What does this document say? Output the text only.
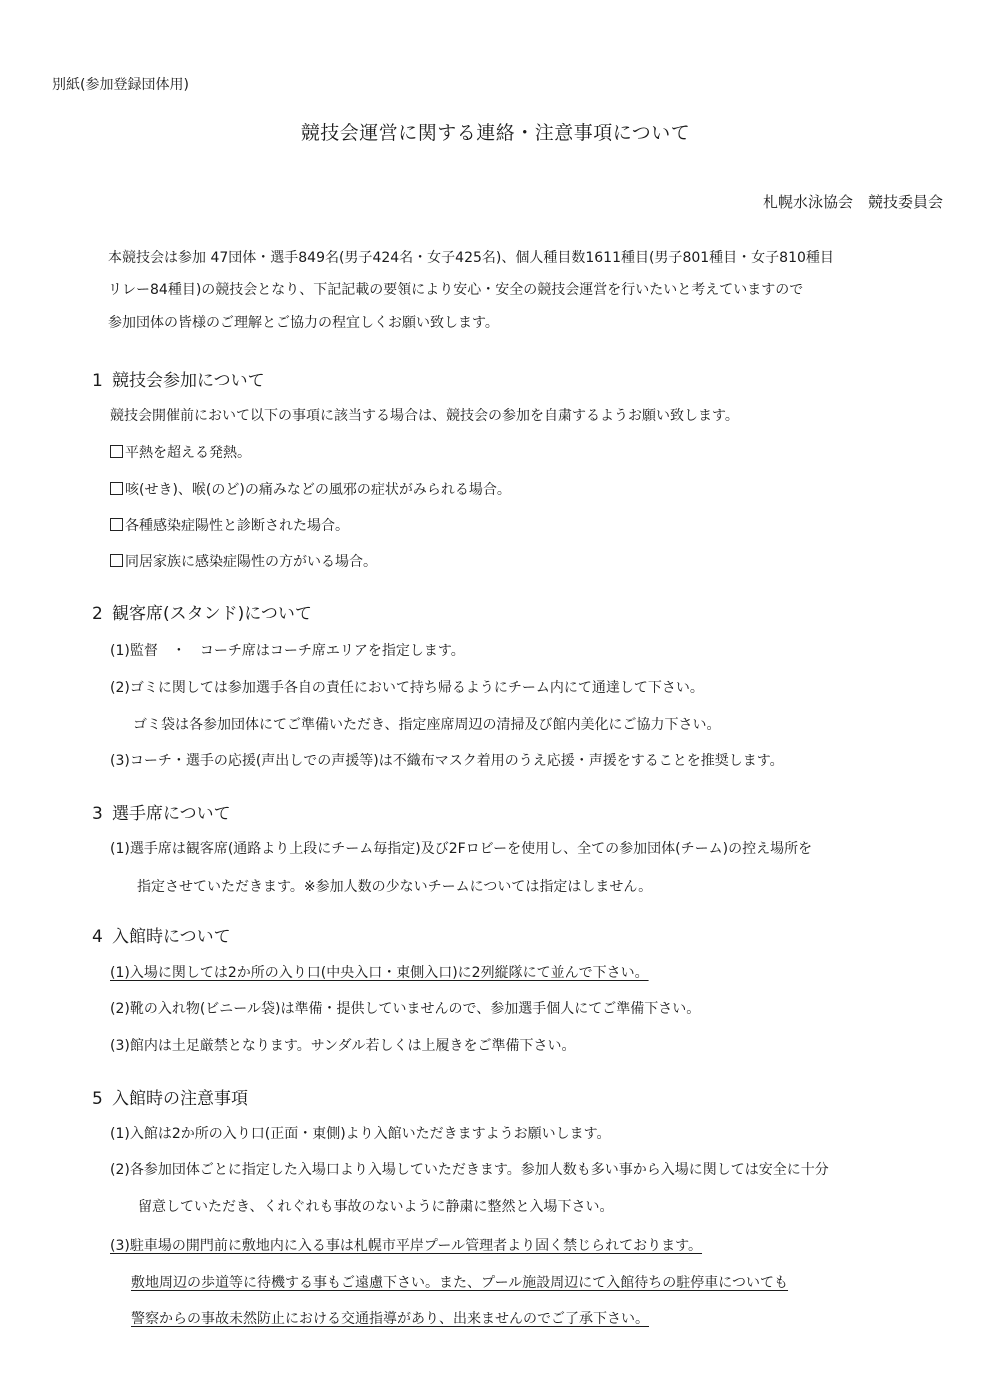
別紙(参加登録団体用)
競技会運営に関する連絡・注意事項について
札幌水泳協会　競技委員会
本競技会は参加 47団体・選手849名(男子424名・女子425名)、個人種目数1611種目(男子801種目・女子810種目
リレー84種目)の競技会となり、下記記載の要領により安心・安全の競技会運営を行いたいと考えていますので
参加団体の皆様のご理解とご協力の程宜しくお願い致します。
1 競技会参加について
競技会開催前において以下の事項に該当する場合は、競技会の参加を自粛するようお願い致します。
平熱を超える発熱。
咳(せき)、喉(のど)の痛みなどの風邪の症状がみられる場合。
各種感染症陽性と診断された場合。
同居家族に感染症陽性の方がいる場合。
2 観客席(スタンド)について
(1)監督　・　コーチ席はコーチ席エリアを指定します。
(2)ゴミに関しては参加選手各自の責任において持ち帰るようにチーム内にて通達して下さい。
ゴミ袋は各参加団体にてご準備いただき、指定座席周辺の清掃及び館内美化にご協力下さい。
(3)コーチ・選手の応援(声出しでの声援等)は不織布マスク着用のうえ応援・声援をすることを推奨します。
3 選手席について
(1)選手席は観客席(通路より上段にチーム毎指定)及び2Fロビーを使用し、全ての参加団体(チーム)の控え場所を
指定させていただきます。※参加人数の少ないチームについては指定はしません。
4 入館時について
(1)入場に関しては2か所の入り口(中央入口・東側入口)に2列縦隊にて並んで下さい。
(2)靴の入れ物(ビニール袋)は準備・提供していませんので、参加選手個人にてご準備下さい。
(3)館内は土足厳禁となります。サンダル若しくは上履きをご準備下さい。
5 入館時の注意事項
(1)入館は2か所の入り口(正面・東側)より入館いただきますようお願いします。
(2)各参加団体ごとに指定した入場口より入場していただきます。参加人数も多い事から入場に関しては安全に十分
留意していただき、くれぐれも事故のないように静粛に整然と入場下さい。
(3)駐車場の開門前に敷地内に入る事は札幌市平岸プール管理者より固く禁じられております。
敷地周辺の歩道等に待機する事もご遠慮下さい。また、プール施設周辺にて入館待ちの駐停車についても
警察からの事故未然防止における交通指導があり、出来ませんのでご了承下さい。
